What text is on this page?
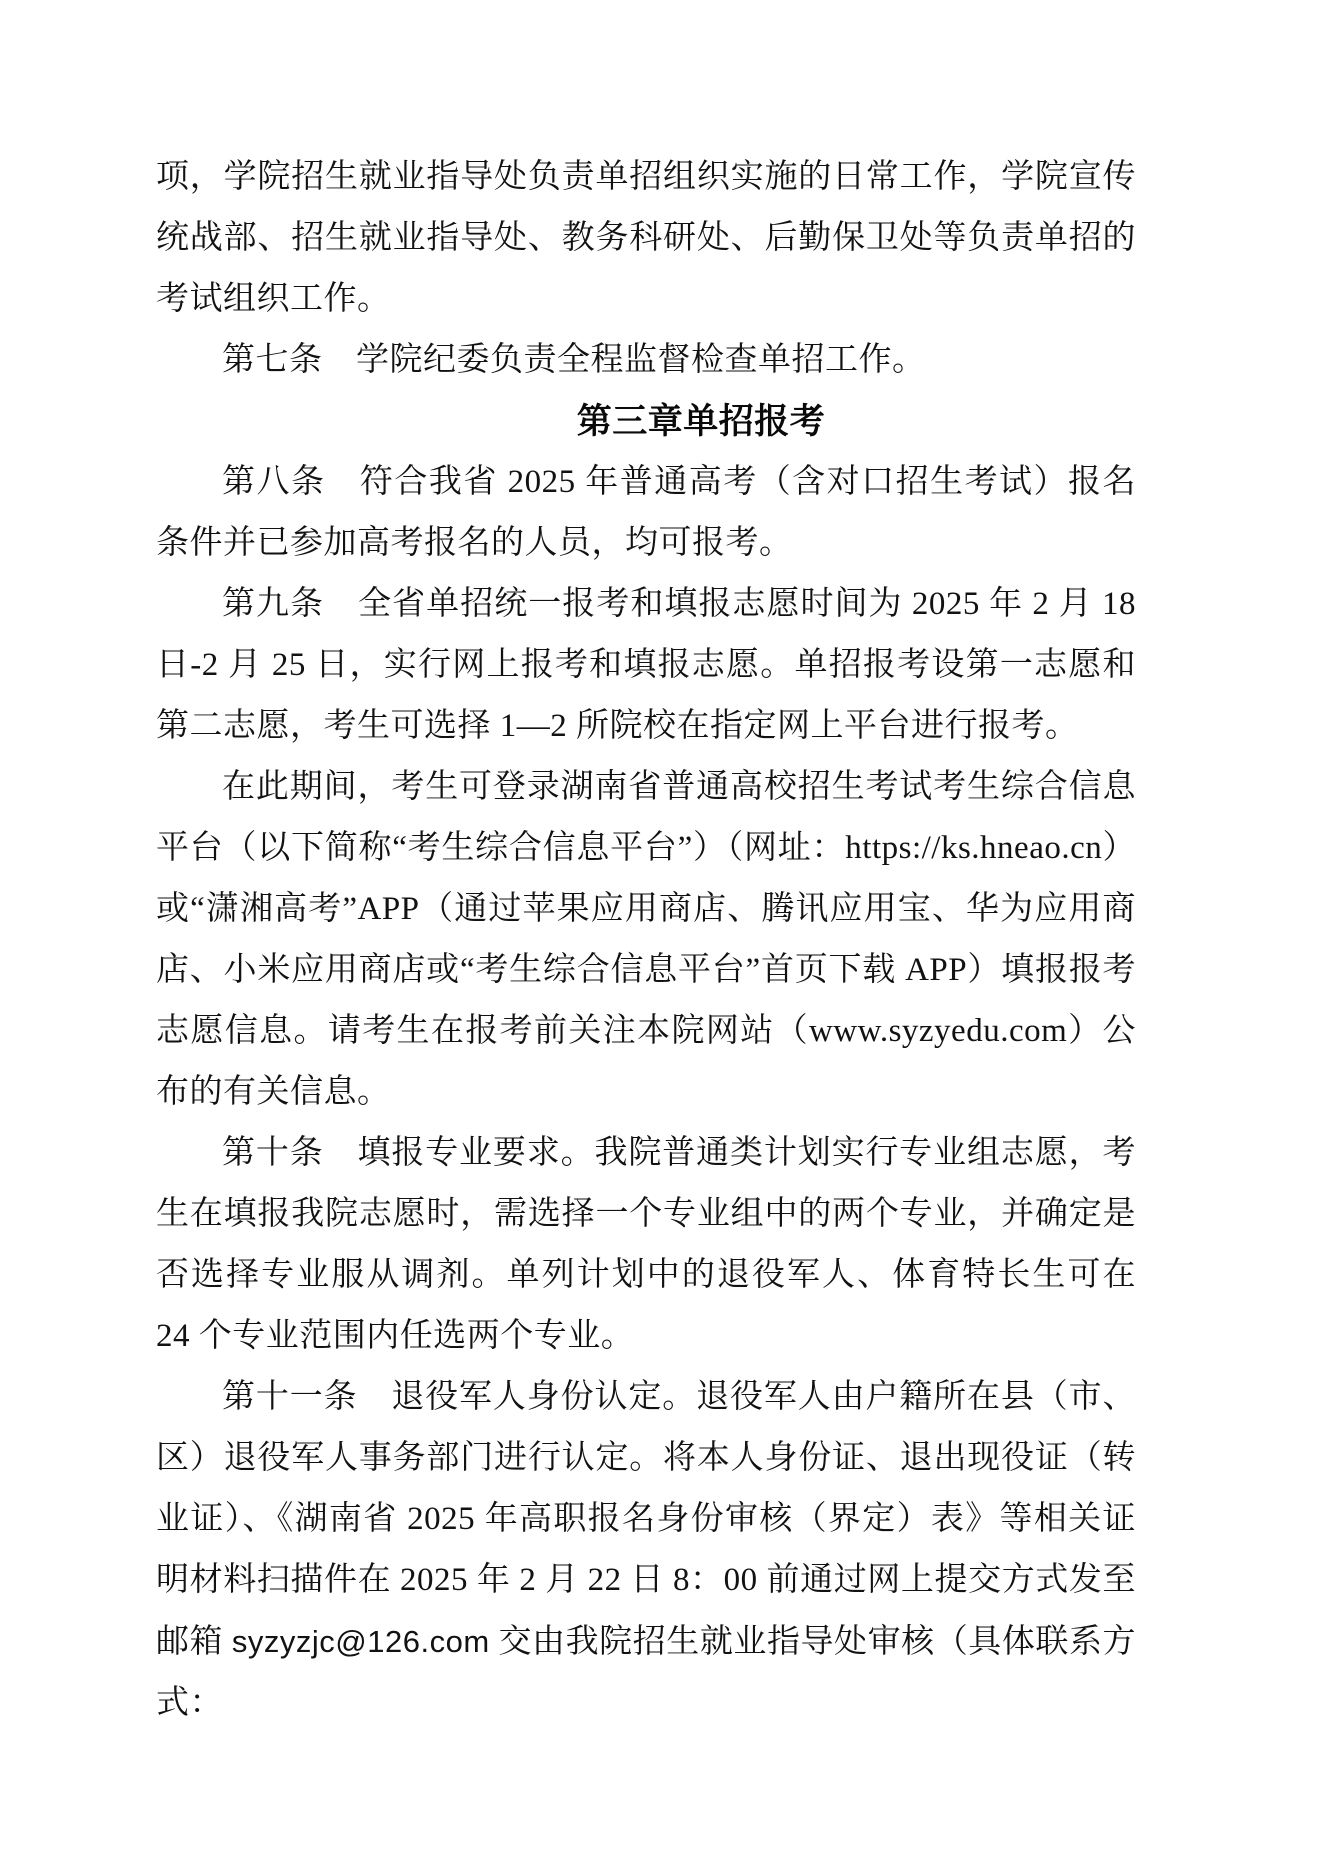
项，学院招生就业指导处负责单招组织实施的日常工作，学院宣传统战部、招生就业指导处、教务科研处、后勤保卫处等负责单招的考试组织工作。

第七条　学院纪委负责全程监督检查单招工作。

第三章单招报考

第八条　符合我省 2025 年普通高考（含对口招生考试）报名条件并已参加高考报名的人员，均可报考。

第九条　全省单招统一报考和填报志愿时间为 2025 年 2 月 18 日-2 月 25 日，实行网上报考和填报志愿。单招报考设第一志愿和第二志愿，考生可选择 1—2 所院校在指定网上平台进行报考。

在此期间，考生可登录湖南省普通高校招生考试考生综合信息平台（以下简称“考生综合信息平台”）（网址：https://ks.hneao.cn）或“潇湘高考”APP（通过苹果应用商店、腾讯应用宝、华为应用商店、小米应用商店或“考生综合信息平台”首页下载 APP）填报报考志愿信息。请考生在报考前关注本院网站（www.syzyedu.com）公布的有关信息。

第十条　填报专业要求。我院普通类计划实行专业组志愿，考生在填报我院志愿时，需选择一个专业组中的两个专业，并确定是否选择专业服从调剂。单列计划中的退役军人、体育特长生可在 24 个专业范围内任选两个专业。

第十一条　退役军人身份认定。退役军人由户籍所在县（市、区）退役军人事务部门进行认定。将本人身份证、退出现役证（转业证）、《湖南省 2025 年高职报名身份审核（界定）表》等相关证明材料扫描件在 2025 年 2 月 22 日 8：00 前通过网上提交方式发至邮箱 syzyzjc@126.com 交由我院招生就业指导处审核（具体联系方式：
